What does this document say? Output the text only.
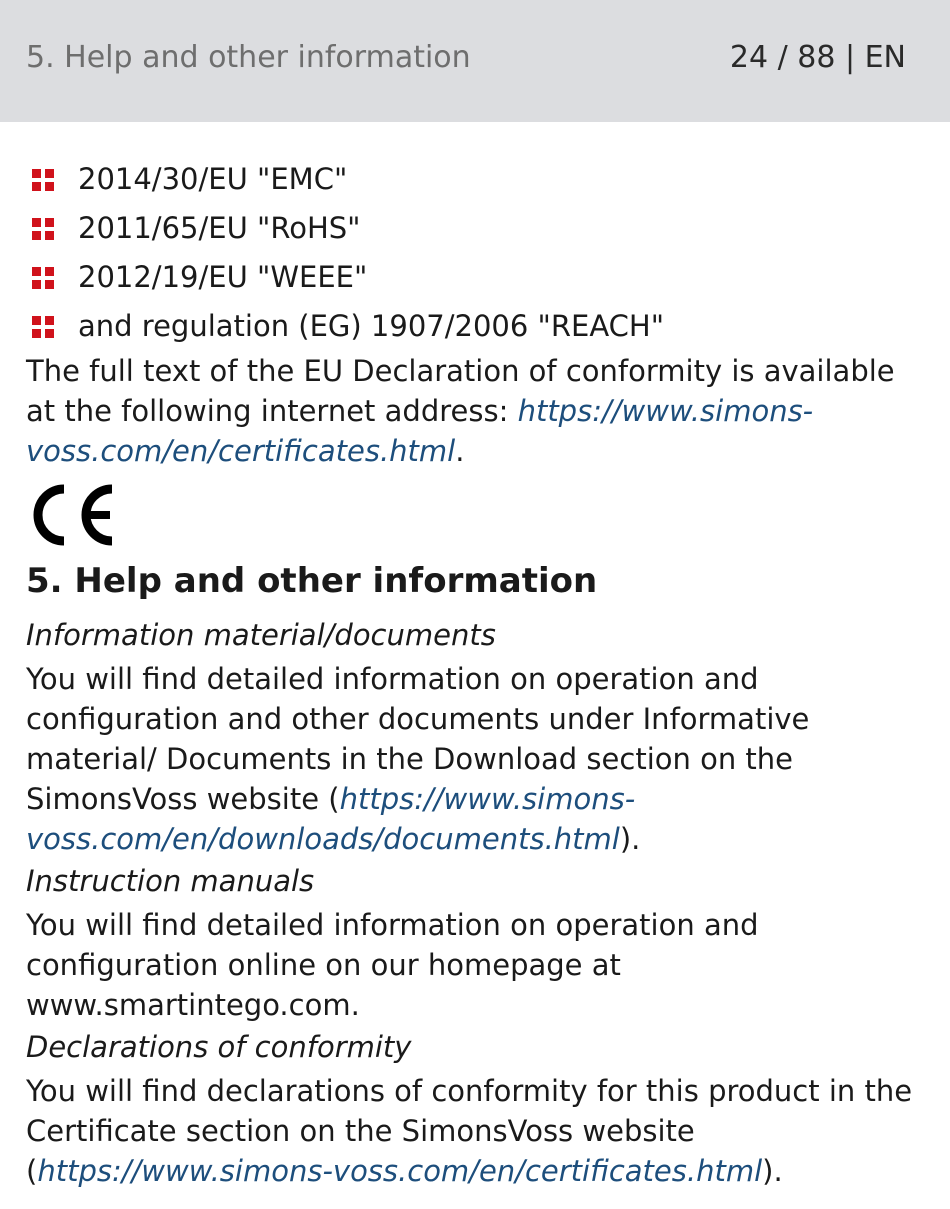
5. Help and other information	24 / 88 | EN
2014/30/EU "EMC"
2011/65/EU "RoHS"
2012/19/EU "WEEE"
and regulation (EG) 1907/2006 "REACH"

The full text of the EU Declaration of conformity is available at the following internet address: https://www.simons-voss.com/en/certificates.html.

5. Help and other information
Information material/documents

You will find detailed information on operation and configuration and other documents under Informative material/ Documents in the Download section on the SimonsVoss website (https://www.simons-voss.com/en/downloads/documents.html).

Instruction manuals

You will find detailed information on operation and configuration online on our homepage at www.smartintego.com.

Declarations of conformity

You will find declarations of conformity for this product in the Certificate section on the SimonsVoss website (https://www.simons-voss.com/en/certificates.html).
